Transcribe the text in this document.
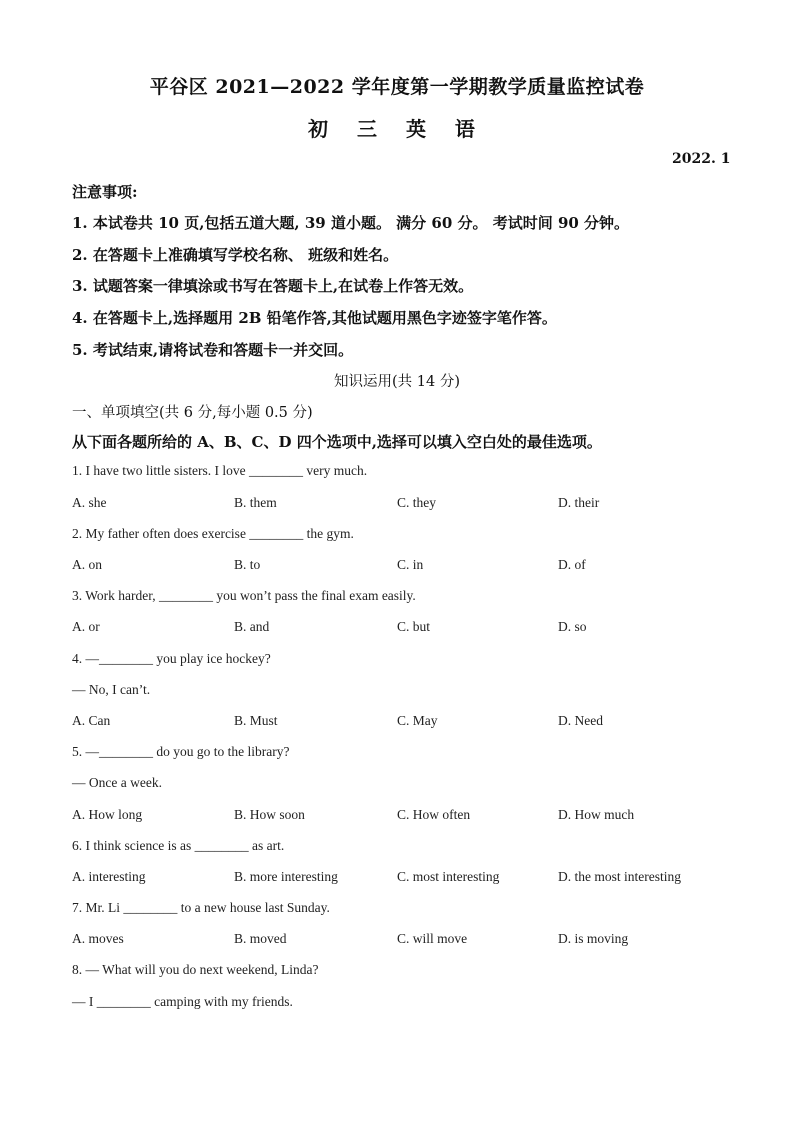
平谷区 2021—2022 学年度第一学期教学质量监控试卷
初 三 英 语
2022. 1
注意事项:
1. 本试卷共 10 页,包括五道大题, 39 道小题。 满分 60 分。 考试时间 90 分钟。
2. 在答题卡上准确填写学校名称、 班级和姓名。
3. 试题答案一律填涂或书写在答题卡上,在试卷上作答无效。
4. 在答题卡上,选择题用 2B 铅笔作答,其他试题用黑色字迹签字笔作答。
5. 考试结束,请将试卷和答题卡一并交回。
知识运用(共 14 分)
一、单项填空(共 6 分,每小题 0.5 分)
从下面各题所给的 A、B、C、D 四个选项中,选择可以填入空白处的最佳选项。
1. I have two little sisters. I love ________ very much.
A. she	B. them	C. they	D. their
2. My father often does exercise ________ the gym.
A. on	B. to	C. in	D. of
3. Work harder, ________ you won’t pass the final exam easily.
A. or	B. and	C. but	D. so
4. —________ you play ice hockey?
— No, I can’t.
A. Can	B. Must	C. May	D. Need
5. —________ do you go to the library?
— Once a week.
A. How long	B. How soon	C. How often	D. How much
6. I think science is as ________ as art.
A. interesting	B. more interesting	C. most interesting	D. the most interesting
7. Mr. Li ________ to a new house last Sunday.
A. moves	B. moved	C. will move	D. is moving
8. — What will you do next weekend, Linda?
— I ________ camping with my friends.
